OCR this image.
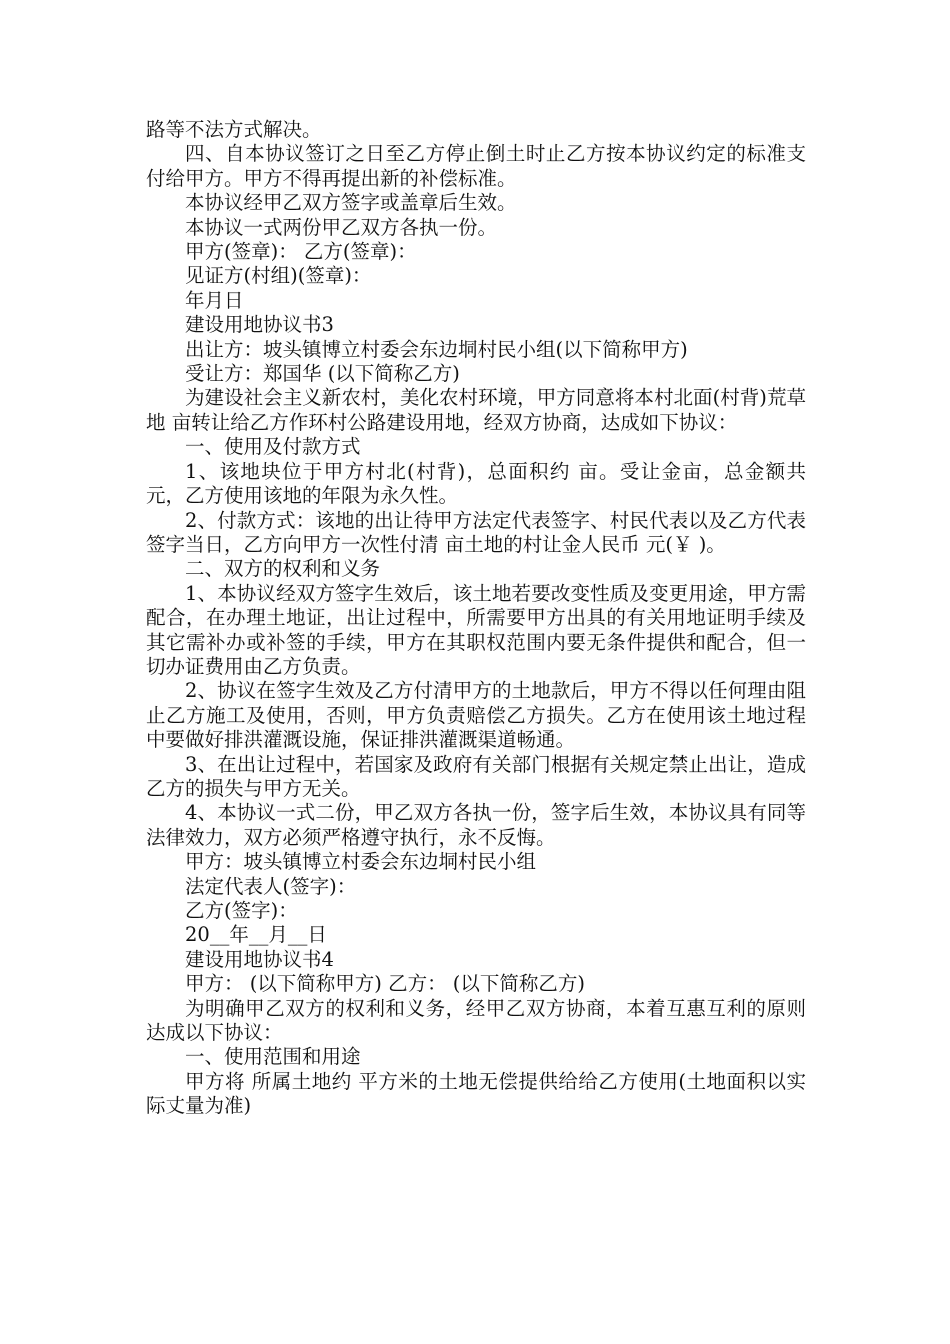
路等不法方式解决。

四、自本协议签订之日至乙方停止倒土时止乙方按本协议约定的标准支付给甲方。甲方不得再提出新的补偿标准。

本协议经甲乙双方签字或盖章后生效。

本协议一式两份甲乙双方各执一份。

甲方(签章)： 乙方(签章)：

见证方(村组)(签章)：

年月日

建设用地协议书3

出让方：坡头镇博立村委会东边垌村民小组(以下简称甲方)

受让方：郑国华 (以下简称乙方)

为建设社会主义新农村，美化农村环境，甲方同意将本村北面(村背)荒草地 亩转让给乙方作环村公路建设用地，经双方协商，达成如下协议：

一、使用及付款方式

1、该地块位于甲方村北(村背)，总面积约 亩。受让金亩，总金额共 元，乙方使用该地的年限为永久性。

2、付款方式：该地的出让待甲方法定代表签字、村民代表以及乙方代表签字当日，乙方向甲方一次性付清 亩土地的村让金人民币 元(￥ )。

二、双方的权利和义务

1、本协议经双方签字生效后，该土地若要改变性质及变更用途，甲方需配合，在办理土地证，出让过程中，所需要甲方出具的有关用地证明手续及其它需补办或补签的手续，甲方在其职权范围内要无条件提供和配合，但一切办证费用由乙方负责。

2、协议在签字生效及乙方付清甲方的土地款后，甲方不得以任何理由阻止乙方施工及使用，否则，甲方负责赔偿乙方损失。乙方在使用该土地过程中要做好排洪灌溉设施，保证排洪灌溉渠道畅通。

3、在出让过程中，若国家及政府有关部门根据有关规定禁止出让，造成乙方的损失与甲方无关。

4、本协议一式二份，甲乙双方各执一份，签字后生效，本协议具有同等法律效力，双方必须严格遵守执行，永不反悔。

甲方：坡头镇博立村委会东边垌村民小组

法定代表人(签字)：

乙方(签字)：

20__年__月__日

建设用地协议书4

甲方： (以下简称甲方) 乙方： (以下简称乙方)

为明确甲乙双方的权利和义务，经甲乙双方协商，本着互惠互利的原则达成以下协议：

一、使用范围和用途

甲方将 所属土地约 平方米的土地无偿提供给给乙方使用(土地面积以实际丈量为准)
